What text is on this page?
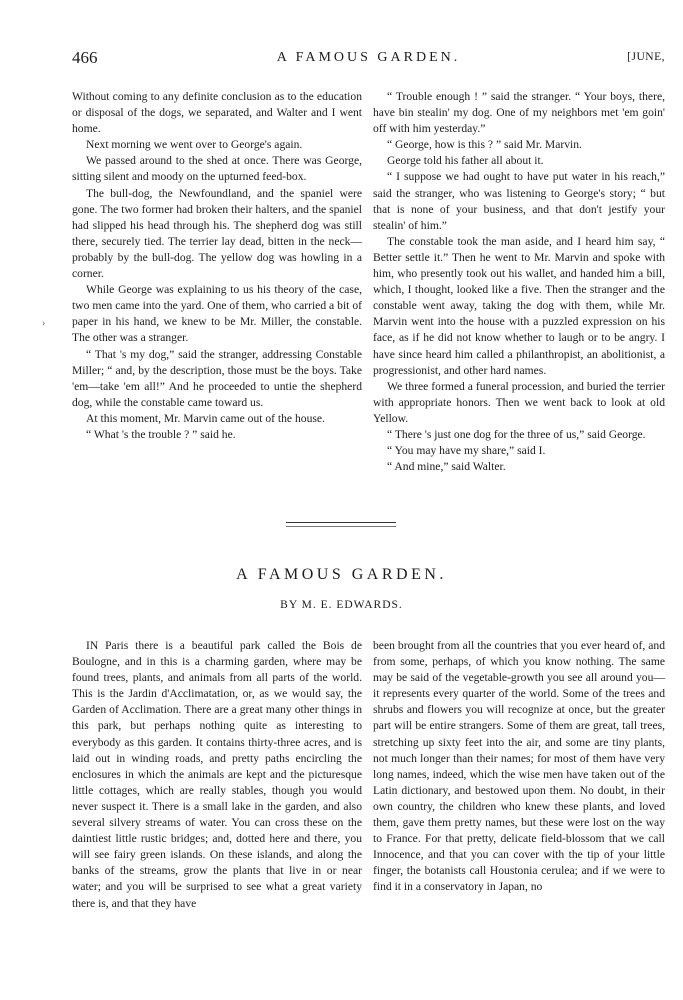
466	A FAMOUS GARDEN.	[JUNE,
›

Without coming to any definite conclusion as to the education or disposal of the dogs, we separated, and Walter and I went home.

Next morning we went over to George's again.

We passed around to the shed at once. There was George, sitting silent and moody on the upturned feed-box.

The bull-dog, the Newfoundland, and the spaniel were gone. The two former had broken their halters, and the spaniel had slipped his head through his. The shepherd dog was still there, securely tied. The terrier lay dead, bitten in the neck—probably by the bull-dog. The yellow dog was howling in a corner.

While George was explaining to us his theory of the case, two men came into the yard. One of them, who carried a bit of paper in his hand, we knew to be Mr. Miller, the constable. The other was a stranger.

“ That 's my dog,” said the stranger, addressing Constable Miller; “ and, by the description, those must be the boys. Take 'em—take 'em all!” And he proceeded to untie the shepherd dog, while the constable came toward us.

At this moment, Mr. Marvin came out of the house.

“ What 's the trouble ? ” said he.

“ Trouble enough ! ” said the stranger. “ Your boys, there, have bin stealin' my dog. One of my neighbors met 'em goin' off with him yesterday.”

“ George, how is this ? ” said Mr. Marvin.

George told his father all about it.

“ I suppose we had ought to have put water in his reach,” said the stranger, who was listening to George's story; “ but that is none of your business, and that don't jestify your stealin' of him.”

The constable took the man aside, and I heard him say, “ Better settle it.” Then he went to Mr. Marvin and spoke with him, who presently took out his wallet, and handed him a bill, which, I thought, looked like a five. Then the stranger and the constable went away, taking the dog with them, while Mr. Marvin went into the house with a puzzled expression on his face, as if he did not know whether to laugh or to be angry. I have since heard him called a philanthropist, an abolitionist, a progressionist, and other hard names.

We three formed a funeral procession, and buried the terrier with appropriate honors. Then we went back to look at old Yellow.

“ There 's just one dog for the three of us,” said George.

“ You may have my share,” said I.

“ And mine,” said Walter.

A FAMOUS GARDEN.
BY M. E. EDWARDS.

IN Paris there is a beautiful park called the Bois de Boulogne, and in this is a charming garden, where may be found trees, plants, and animals from all parts of the world. This is the Jardin d'Acclimatation, or, as we would say, the Garden of Acclimation. There are a great many other things in this park, but perhaps nothing quite as interesting to everybody as this garden. It contains thirty-three acres, and is laid out in winding roads, and pretty paths encircling the enclosures in which the animals are kept and the picturesque little cottages, which are really stables, though you would never suspect it. There is a small lake in the garden, and also several silvery streams of water. You can cross these on the daintiest little rustic bridges; and, dotted here and there, you will see fairy green islands. On these islands, and along the banks of the streams, grow the plants that live in or near water; and you will be surprised to see what a great variety there is, and that they have

been brought from all the countries that you ever heard of, and from some, perhaps, of which you know nothing. The same may be said of the vegetable-growth you see all around you—it represents every quarter of the world. Some of the trees and shrubs and flowers you will recognize at once, but the greater part will be entire strangers. Some of them are great, tall trees, stretching up sixty feet into the air, and some are tiny plants, not much longer than their names; for most of them have very long names, indeed, which the wise men have taken out of the Latin dictionary, and bestowed upon them. No doubt, in their own country, the children who knew these plants, and loved them, gave them pretty names, but these were lost on the way to France. For that pretty, delicate field-blossom that we call Innocence, and that you can cover with the tip of your little finger, the botanists call Houstonia cerulea; and if we were to find it in a conservatory in Japan, no
